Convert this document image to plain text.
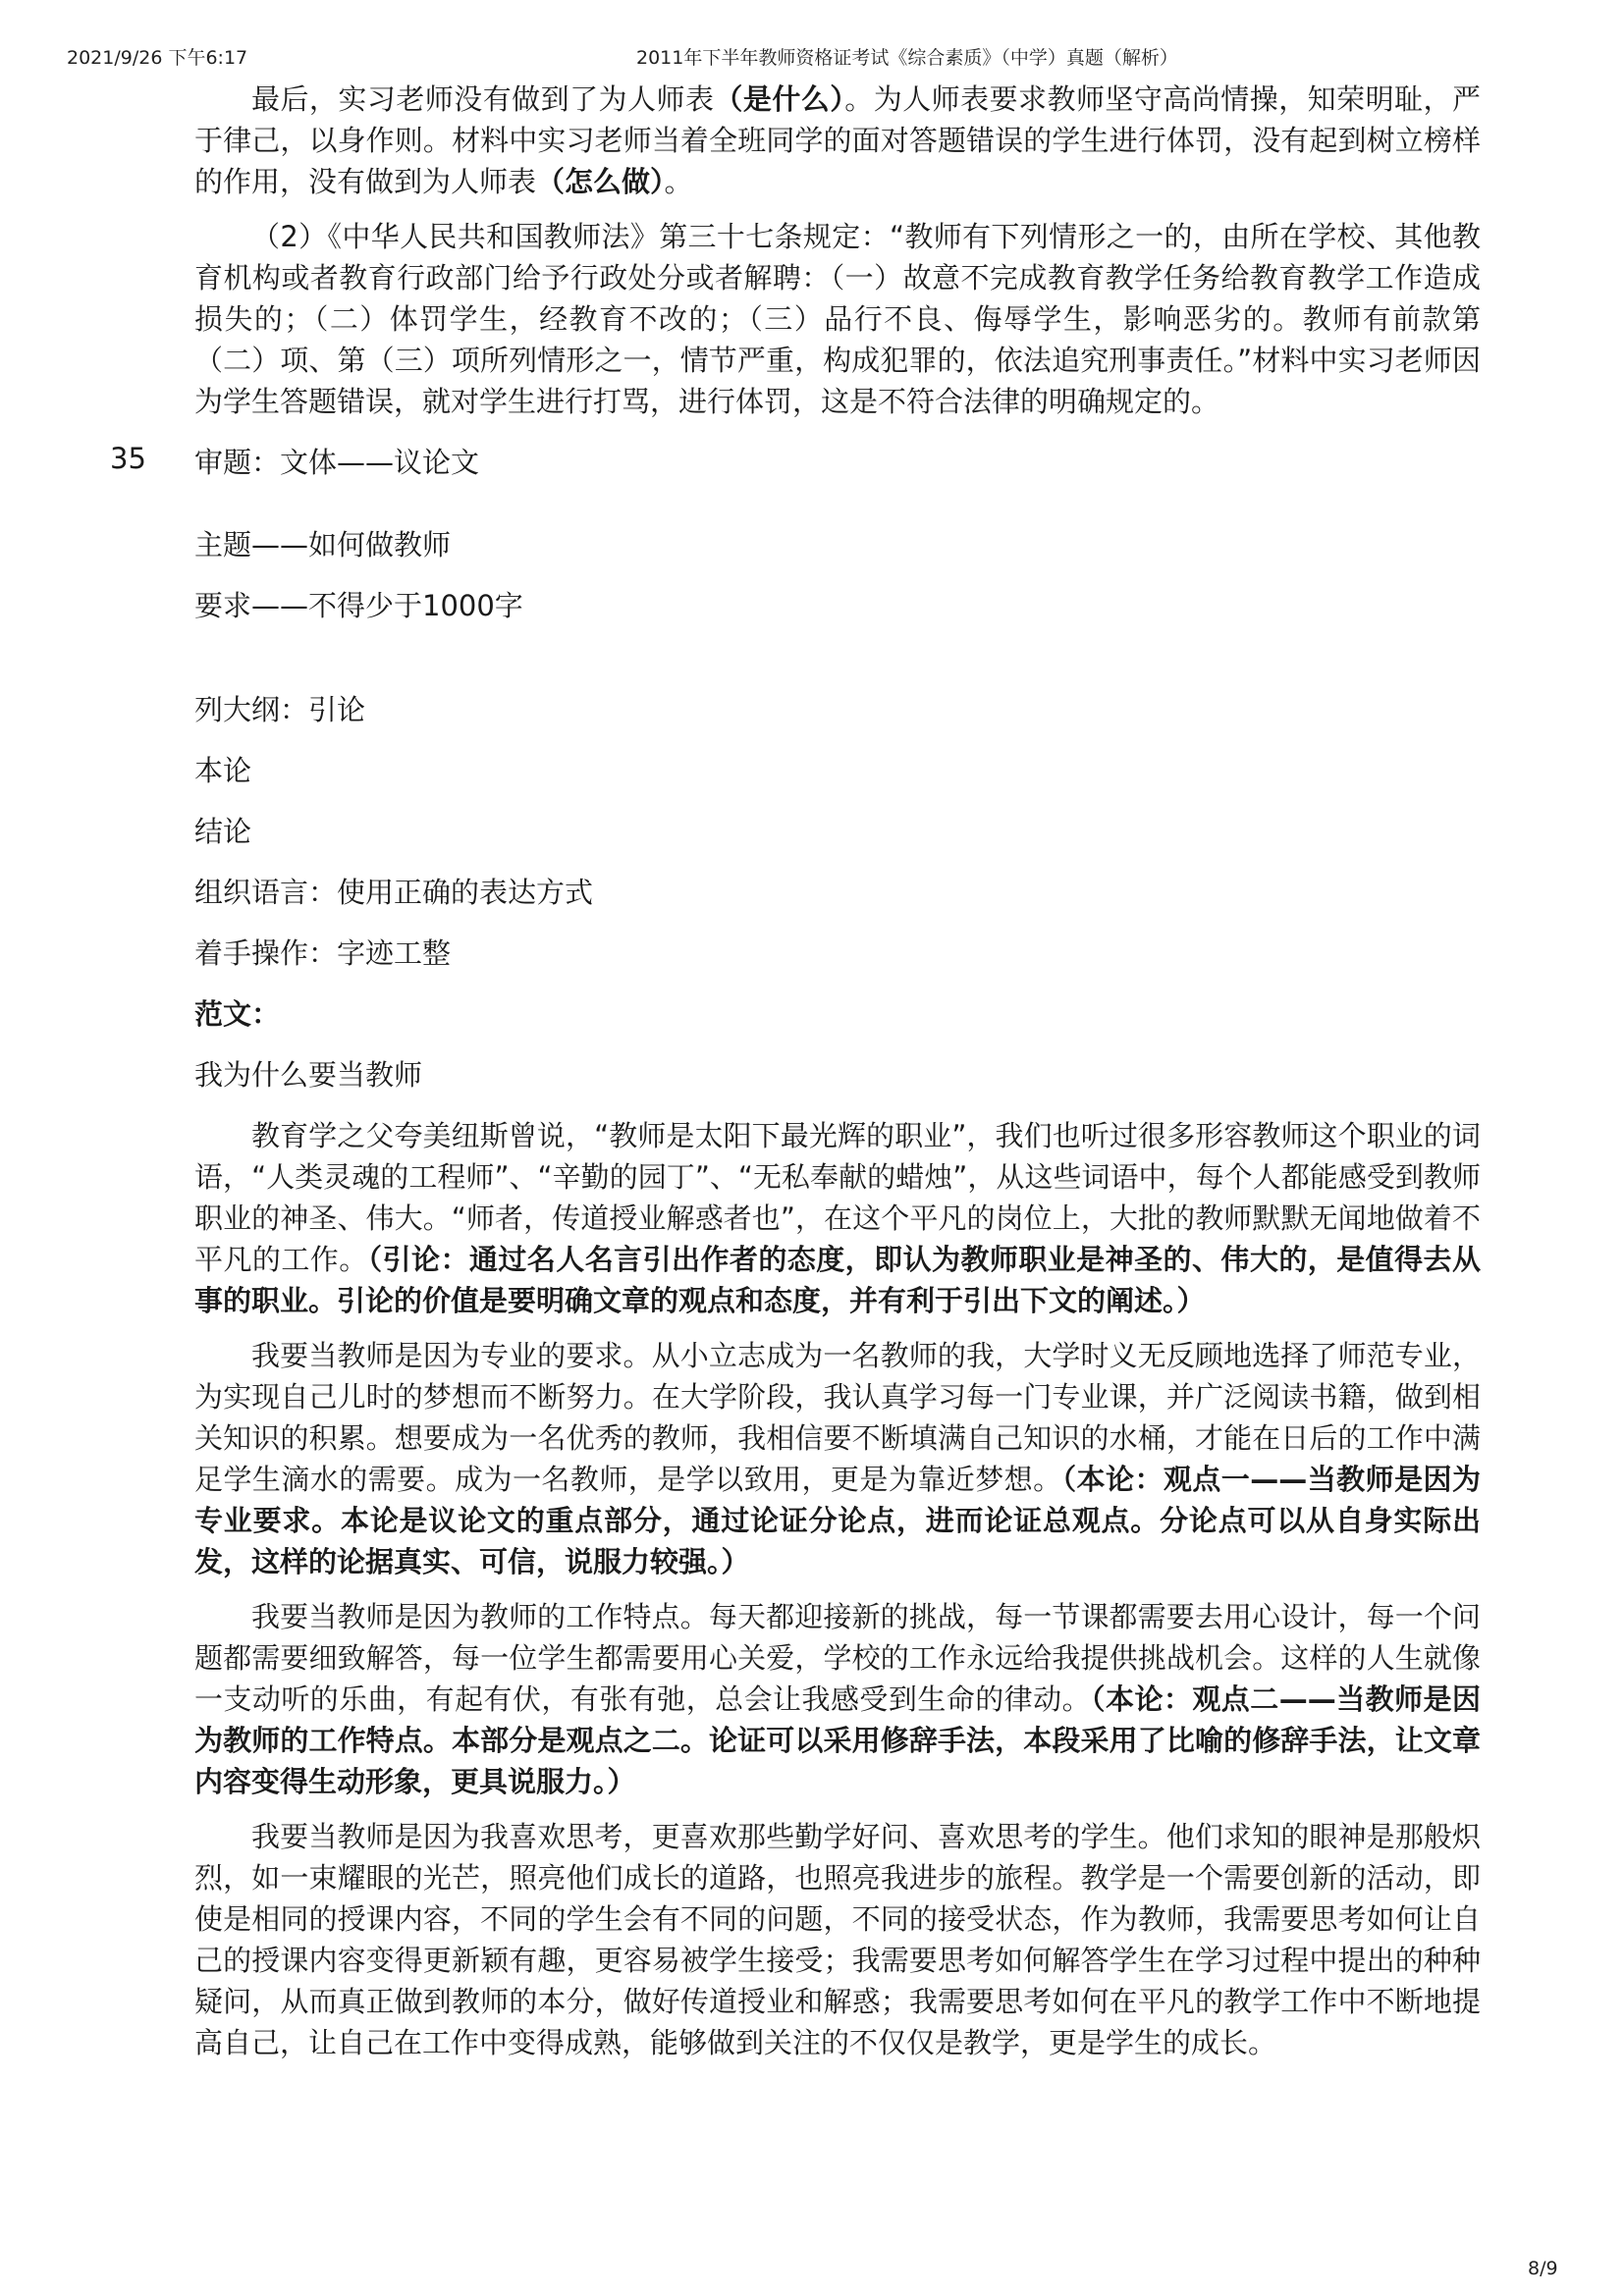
2021/9/26 下午6:17	2011年下半年教师资格证考试《综合素质》（中学）真题（解析）

最后，实习老师没有做到了为人师表（是什么）。为人师表要求教师坚守高尚情操，知荣明耻，严于律己，以身作则。材料中实习老师当着全班同学的面对答题错误的学生进行体罚，没有起到树立榜样的作用，没有做到为人师表（怎么做）。

（2）《中华人民共和国教师法》第三十七条规定：“教师有下列情形之一的，由所在学校、其他教育机构或者教育行政部门给予行政处分或者解聘：（一）故意不完成教育教学任务给教育教学工作造成损失的；（二）体罚学生，经教育不改的；（三）品行不良、侮辱学生，影响恶劣的。教师有前款第（二）项、第（三）项所列情形之一，情节严重，构成犯罪的，依法追究刑事责任。”材料中实习老师因为学生答题错误，就对学生进行打骂，进行体罚，这是不符合法律的明确规定的。

35 审题：文体——议论文

主题——如何做教师

要求——不得少于1000字

列大纲：引论

本论

结论

组织语言：使用正确的表达方式

着手操作：字迹工整

范文：

我为什么要当教师

教育学之父夸美纽斯曾说，“教师是太阳下最光辉的职业”，我们也听过很多形容教师这个职业的词语，“人类灵魂的工程师”、“辛勤的园丁”、“无私奉献的蜡烛”，从这些词语中，每个人都能感受到教师职业的神圣、伟大。“师者，传道授业解惑者也”，在这个平凡的岗位上，大批的教师默默无闻地做着不平凡的工作。（引论：通过名人名言引出作者的态度，即认为教师职业是神圣的、伟大的，是值得去从事的职业。引论的价值是要明确文章的观点和态度，并有利于引出下文的阐述。）

我要当教师是因为专业的要求。从小立志成为一名教师的我，大学时义无反顾地选择了师范专业，为实现自己儿时的梦想而不断努力。在大学阶段，我认真学习每一门专业课，并广泛阅读书籍，做到相关知识的积累。想要成为一名优秀的教师，我相信要不断填满自己知识的水桶，才能在日后的工作中满足学生滴水的需要。成为一名教师，是学以致用，更是为靠近梦想。（本论：观点一——当教师是因为专业要求。本论是议论文的重点部分，通过论证分论点，进而论证总观点。分论点可以从自身实际出发，这样的论据真实、可信，说服力较强。）

我要当教师是因为教师的工作特点。每天都迎接新的挑战，每一节课都需要去用心设计，每一个问题都需要细致解答，每一位学生都需要用心关爱，学校的工作永远给我提供挑战机会。这样的人生就像一支动听的乐曲，有起有伏，有张有弛，总会让我感受到生命的律动。（本论：观点二——当教师是因为教师的工作特点。本部分是观点之二。论证可以采用修辞手法，本段采用了比喻的修辞手法，让文章内容变得生动形象，更具说服力。）

我要当教师是因为我喜欢思考，更喜欢那些勤学好问、喜欢思考的学生。他们求知的眼神是那般炽烈，如一束耀眼的光芒，照亮他们成长的道路，也照亮我进步的旅程。教学是一个需要创新的活动，即使是相同的授课内容，不同的学生会有不同的问题，不同的接受状态，作为教师，我需要思考如何让自己的授课内容变得更新颖有趣，更容易被学生接受；我需要思考如何解答学生在学习过程中提出的种种疑问，从而真正做到教师的本分，做好传道授业和解惑；我需要思考如何在平凡的教学工作中不断地提高自己，让自己在工作中变得成熟，能够做到关注的不仅仅是教学，更是学生的成长。

8/9
